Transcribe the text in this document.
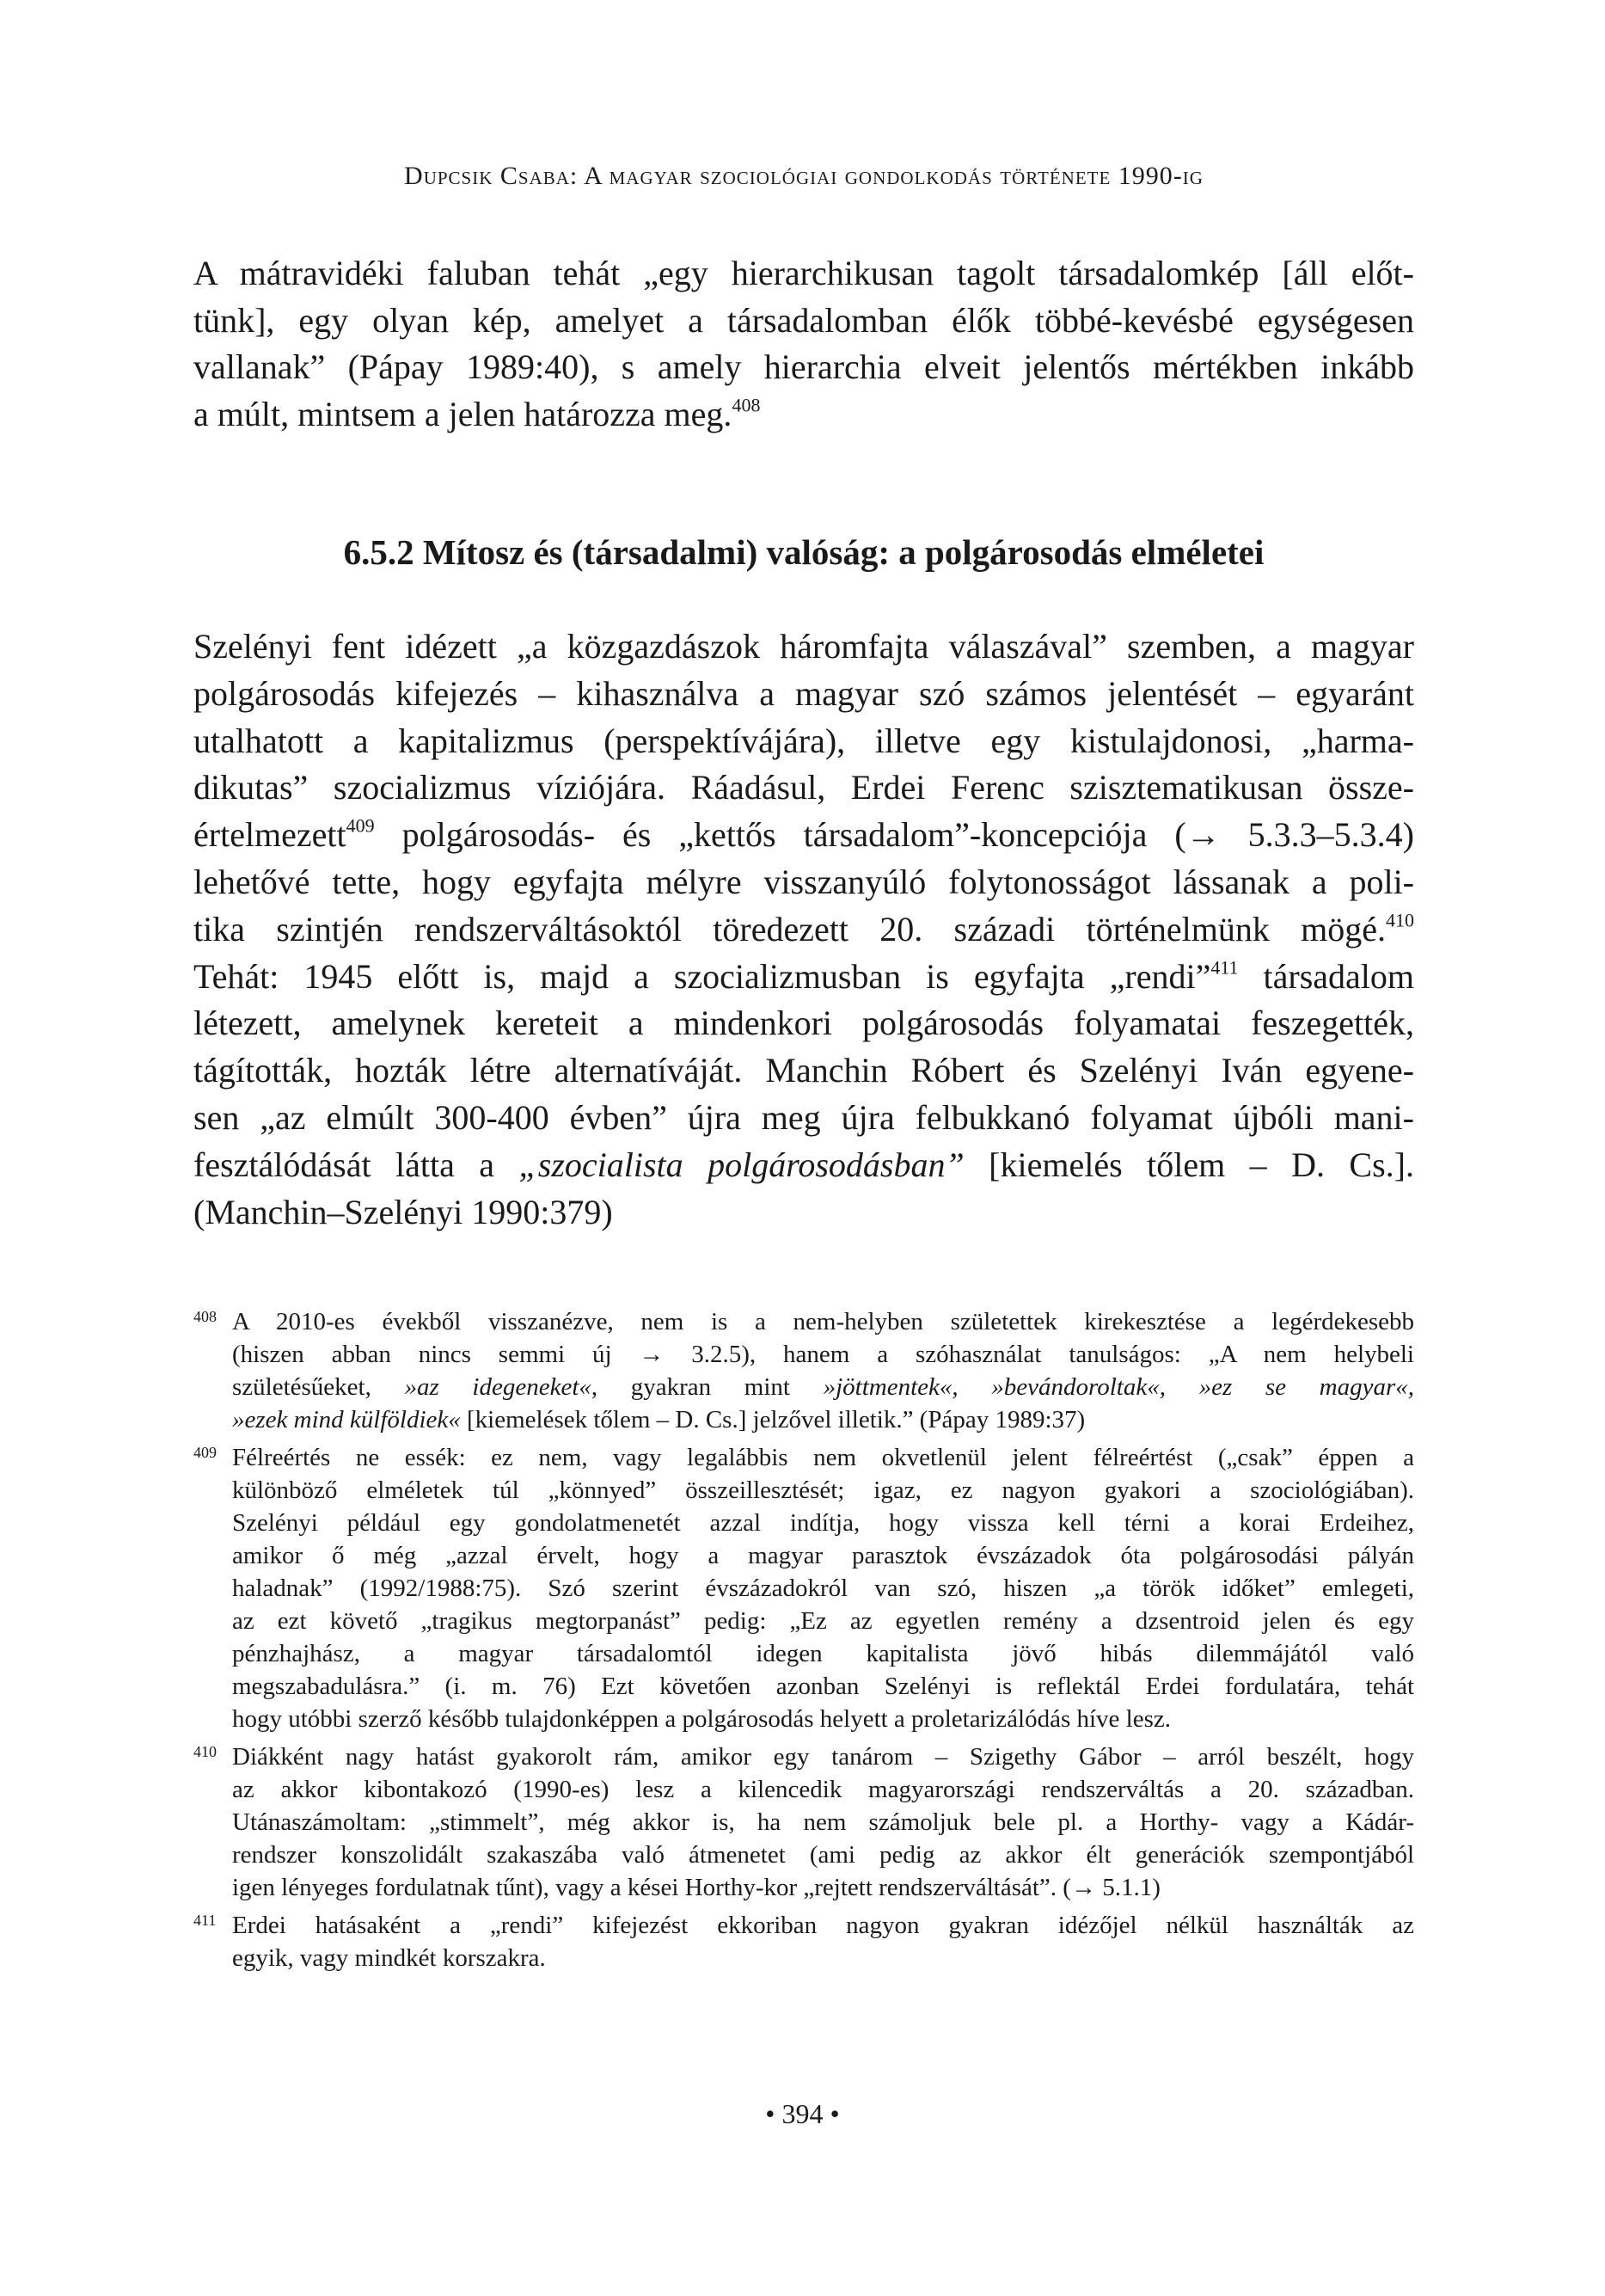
Dupcsik Csaba: A magyar szociológiai gondolkodás története 1990-ig
A mátravidéki faluban tehát „egy hierarchikusan tagolt társadalomkép [áll előt-
tünk], egy olyan kép, amelyet a társadalomban élők többé-kevésbé egységesen
vallanak” (Pápay 1989:40), s amely hierarchia elveit jelentős mértékben inkább
a múlt, mintsem a jelen határozza meg.$^{408}$
6.5.2 Mítosz és (társadalmi) valóság: a polgárosodás elméletei
Szelényi fent idézett „a közgazdászok háromfajta válaszával” szemben, a magyar
polgárosodás kifejezés – kihasználva a magyar szó számos jelentését – egyaránt
utalhatott a kapitalizmus (perspektívájára), illetve egy kistulajdonosi, „harma-
dikutas” szocializmus víziójára. Ráadásul, Erdei Ferenc szisztematikusan össze-
értelmezett$^{409}$ polgárosodás- és „kettős társadalom”-koncepciója (→ 5.3.3–5.3.4)
lehetővé tette, hogy egyfajta mélyre visszanyúló folytonosságot lássanak a poli-
tika szintjén rendszerváltásoktól töredezett 20. századi történelmünk mögé.$^{410}$
Tehát: 1945 előtt is, majd a szocializmusban is egyfajta „rendi”$^{411}$ társadalom
létezett, amelynek kereteit a mindenkori polgárosodás folyamatai feszegették,
tágították, hozták létre alternatíváját. Manchin Róbert és Szelényi Iván egyene-
sen „az elmúlt 300-400 évben” újra meg újra felbukkanó folyamat újbóli mani-
fesztálódását látta a „szocialista polgárosodásban” [kiemelés tőlem – D. Cs.].
(Manchin–Szelényi 1990:379)
408 A 2010-es évekből visszanézve, nem is a nem-helyben születettek kirekesztése a legérdekesebb
(hiszen abban nincs semmi új → 3.2.5), hanem a szóhasználat tanulságos: „A nem helybeli
születésűeket, »az idegeneket«, gyakran mint »jöttmentek«, »bevándoroltak«, »ez se magyar«,
»ezek mind külföldiek« [kiemelések tőlem – D. Cs.] jelzővel illetik.” (Pápay 1989:37)
409 Félreértés ne essék: ez nem, vagy legalábbis nem okvetlenül jelent félreértést („csak” éppen a
különböző elméletek túl „könnyed” összeillesztését; igaz, ez nagyon gyakori a szociológiában).
Szelényi például egy gondolatmenetét azzal indítja, hogy vissza kell térni a korai Erdeihez,
amikor ő még „azzal érvelt, hogy a magyar parasztok évszázadok óta polgárosodási pályán
haladnak” (1992/1988:75). Szó szerint évszázadokról van szó, hiszen „a török időket” emlegeti,
az ezt követő „tragikus megtorpanást” pedig: „Ez az egyetlen remény a dzsentroid jelen és egy
pénzhajhász, a magyar társadalomtól idegen kapitalista jövő hibás dilemmájától való
megszabadulásra.” (i. m. 76) Ezt követően azonban Szelényi is reflektál Erdei fordulatára, tehát
hogy utóbbi szerző később tulajdonképpen a polgárosodás helyett a proletarizálódás híve lesz.
410 Diákként nagy hatást gyakorolt rám, amikor egy tanárom – Szigethy Gábor – arról beszélt, hogy
az akkor kibontakozó (1990-es) lesz a kilencedik magyarországi rendszerváltás a 20. században.
Utánaszámoltam: „stimmelt”, még akkor is, ha nem számoljuk bele pl. a Horthy- vagy a Kádár-
rendszer konszolidált szakaszába való átmenetet (ami pedig az akkor élt generációk szempontjából
igen lényeges fordulatnak tűnt), vagy a kései Horthy-kor „rejtett rendszerváltását”. (→ 5.1.1)
411 Erdei hatásaként a „rendi” kifejezést ekkoriban nagyon gyakran idézőjel nélkül használták az
egyik, vagy mindkét korszakra.
• 394 •
